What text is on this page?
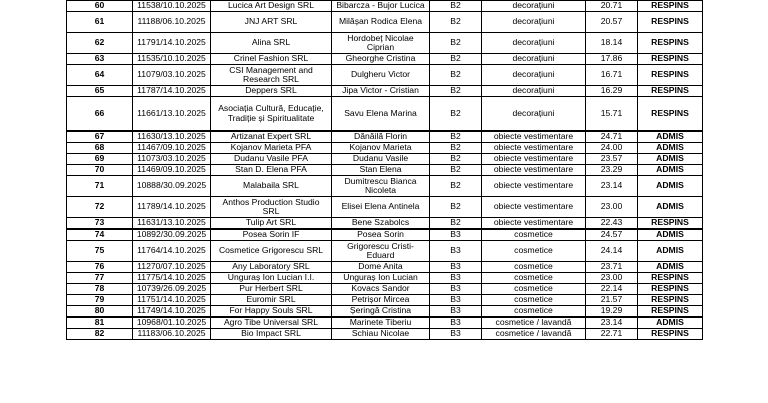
60	11538/10.10.2025	Lucica Art Design SRL	Bibarcza - Bujor Lucica	B2	decorațiuni	20.71	RESPINS
61	11188/06.10.2025	JNJ ART SRL	Milășan Rodica Elena	B2	decorațiuni	20.57	RESPINS
62	11791/14.10.2025	Alina SRL	Hordobeț Nicolae Ciprian	B2	decorațiuni	18.14	RESPINS
63	11535/10.10.2025	Crinel Fashion SRL	Gheorghe Cristina	B2	decorațiuni	17.86	RESPINS
64	11079/03.10.2025	CSI Management and Research SRL	Dulgheru Victor	B2	decorațiuni	16.71	RESPINS
65	11787/14.10.2025	Deppers SRL	Jipa Victor - Cristian	B2	decorațiuni	16.29	RESPINS
66	11661/13.10.2025	Asociația Cultură, Educație, Tradiție și Spiritualitate	Savu Elena Marina	B2	decorațiuni	15.71	RESPINS
67	11630/13.10.2025	Artizanat Expert SRL	Dănăilă Florin	B2	obiecte vestimentare	24.71	ADMIS
68	11467/09.10.2025	Kojanov Marieta PFA	Kojanov Marieta	B2	obiecte vestimentare	24.00	ADMIS
69	11073/03.10.2025	Dudanu Vasile PFA	Dudanu Vasile	B2	obiecte vestimentare	23.57	ADMIS
70	11469/09.10.2025	Stan D. Elena PFA	Stan Elena	B2	obiecte vestimentare	23.29	ADMIS
71	10888/30.09.2025	Malabaila SRL	Dumitrescu Bianca Nicoleta	B2	obiecte vestimentare	23.14	ADMIS
72	11789/14.10.2025	Anthos Production Studio SRL	Elisei Elena Antinela	B2	obiecte vestimentare	23.00	ADMIS
73	11631/13.10.2025	Tulip Art SRL	Bene Szabolcs	B2	obiecte vestimentare	22.43	RESPINS
74	10892/30.09.2025	Posea Sorin IF	Posea Sorin	B3	cosmetice	24.57	ADMIS
75	11764/14.10.2025	Cosmetice Grigorescu SRL	Grigorescu Cristi-Eduard	B3	cosmetice	24.14	ADMIS
76	11270/07.10.2025	Any Laboratory SRL	Dome Anita	B3	cosmetice	23.71	ADMIS
77	11775/14.10.2025	Unguraș Ion Lucian I.I.	Unguraș Ion Lucian	B3	cosmetice	23.00	RESPINS
78	10739/26.09.2025	Pur Herbert SRL	Kovacs Sandor	B3	cosmetice	22.14	RESPINS
79	11751/14.10.2025	Euromir SRL	Petrișor Mircea	B3	cosmetice	21.57	RESPINS
80	11749/14.10.2025	For Happy Souls SRL	Șeringă Cristina	B3	cosmetice	19.29	RESPINS
81	10968/01.10.2025	Agro Tibe Universal SRL	Marinete Tiberiu	B3	cosmetice / lavandă	23.14	ADMIS
82	11183/06.10.2025	Bio Impact SRL	Schiau Nicolae	B3	cosmetice / lavandă	22.71	RESPINS
